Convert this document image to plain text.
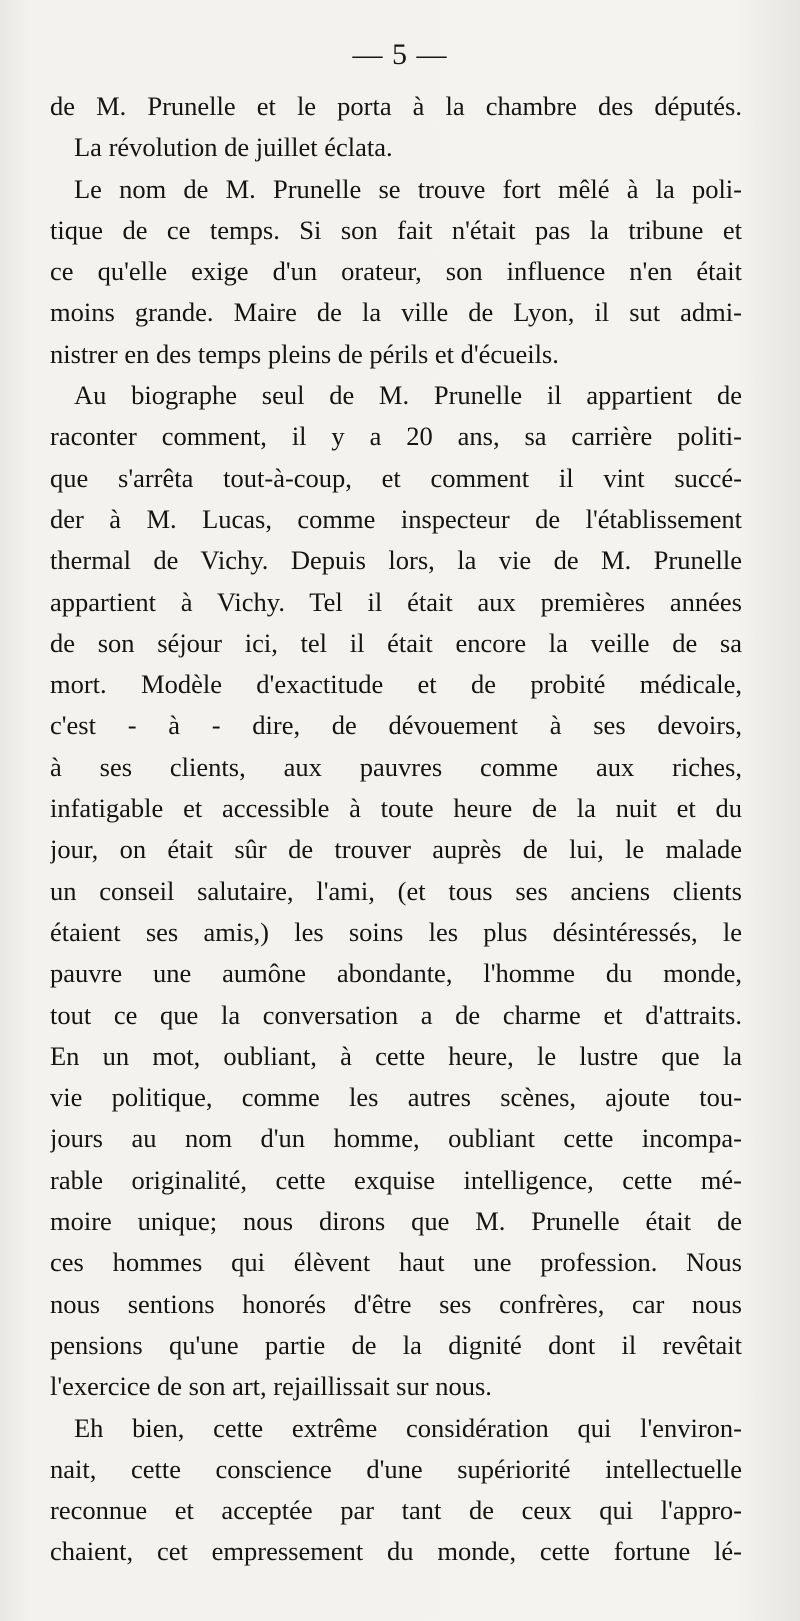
— 5 —
de M. Prunelle et le porta à la chambre des députés.
La révolution de juillet éclata.
Le nom de M. Prunelle se trouve fort mêlé à la poli-
tique de ce temps. Si son fait n'était pas la tribune et
ce qu'elle exige d'un orateur, son influence n'en était
moins grande. Maire de la ville de Lyon, il sut admi-
nistrer en des temps pleins de périls et d'écueils.
Au biographe seul de M. Prunelle il appartient de
raconter comment, il y a 20 ans, sa carrière politi-
que s'arrêta tout-à-coup, et comment il vint succé-
der à M. Lucas, comme inspecteur de l'établissement
thermal de Vichy. Depuis lors, la vie de M. Prunelle
appartient à Vichy. Tel il était aux premières années
de son séjour ici, tel il était encore la veille de sa
mort. Modèle d'exactitude et de probité médicale,
c'est - à - dire, de dévouement à ses devoirs,
à ses clients, aux pauvres comme aux riches,
infatigable et accessible à toute heure de la nuit et du
jour, on était sûr de trouver auprès de lui, le malade
un conseil salutaire, l'ami, (et tous ses anciens clients
étaient ses amis,) les soins les plus désintéressés, le
pauvre une aumône abondante, l'homme du monde,
tout ce que la conversation a de charme et d'attraits.
En un mot, oubliant, à cette heure, le lustre que la
vie politique, comme les autres scènes, ajoute tou-
jours au nom d'un homme, oubliant cette incompa-
rable originalité, cette exquise intelligence, cette mé-
moire unique; nous dirons que M. Prunelle était de
ces hommes qui élèvent haut une profession. Nous
nous sentions honorés d'être ses confrères, car nous
pensions qu'une partie de la dignité dont il revêtait
l'exercice de son art, rejaillissait sur nous.
Eh bien, cette extrême considération qui l'environ-
nait, cette conscience d'une supériorité intellectuelle
reconnue et acceptée par tant de ceux qui l'appro-
chaient, cet empressement du monde, cette fortune lé-
